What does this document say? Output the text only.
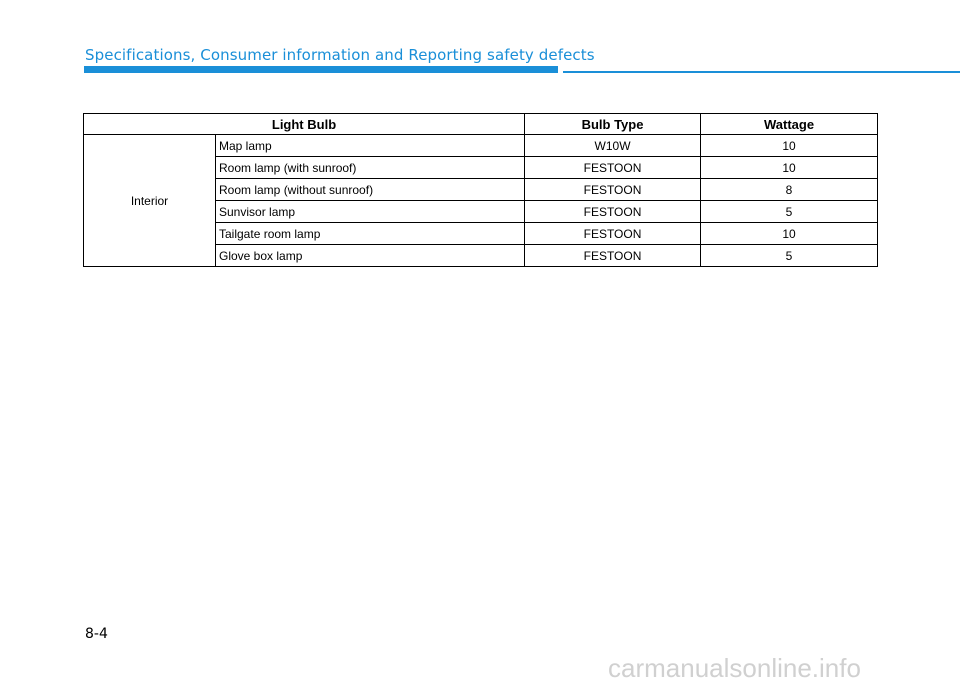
Specifications, Consumer information and Reporting safety defects
Light Bulb		Bulb Type	Wattage
Interior	Map lamp	W10W	10
	Room lamp (with sunroof)	FESTOON	10
	Room lamp (without sunroof)	FESTOON	8
	Sunvisor lamp	FESTOON	5
	Tailgate room lamp	FESTOON	10
	Glove box lamp	FESTOON	5
8-4
carmanualsonline.info
